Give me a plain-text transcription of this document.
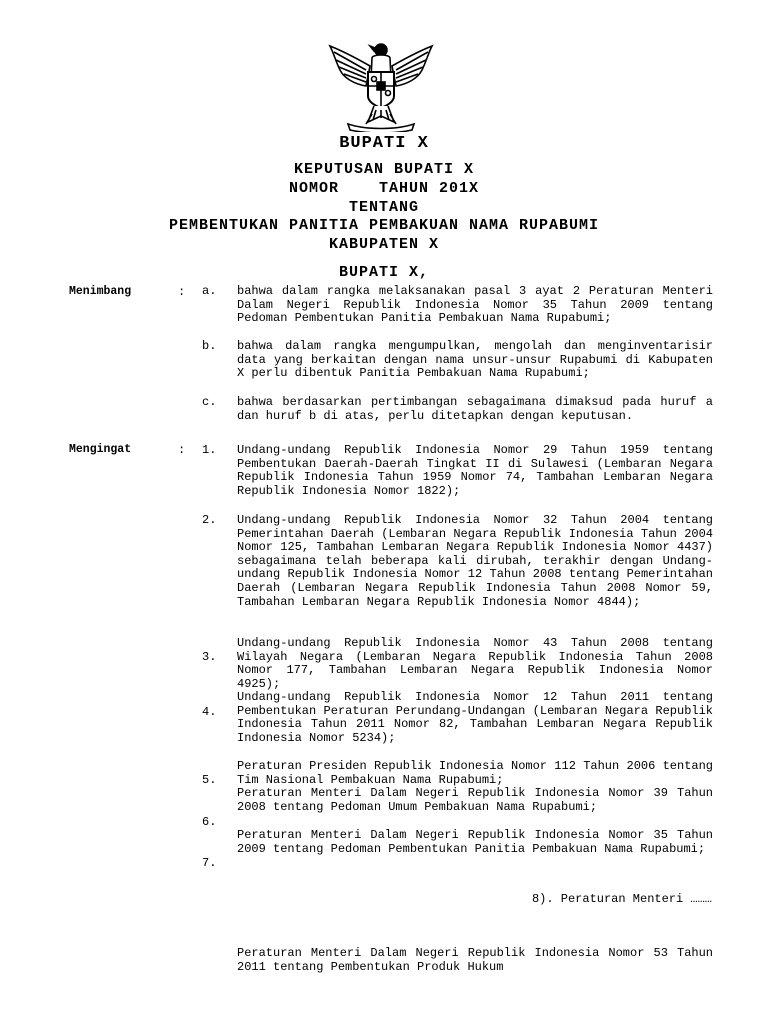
BUPATI X
KEPUTUSAN BUPATI X
NOMOR    TAHUN 201X
TENTANG
PEMBENTUKAN PANITIA PEMBAKUAN NAMA RUPABUMI
KABUPATEN X
BUPATI X,
Menimbang	: a. bahwa dalam rangka melaksanakan pasal 3 ayat 2 Peraturan Menteri Dalam Negeri Republik Indonesia Nomor 35 Tahun 2009 tentang Pedoman Pembentukan Panitia Pembakuan Nama Rupabumi;
b. bahwa dalam rangka mengumpulkan, mengolah dan menginventarisir data yang berkaitan dengan nama unsur-unsur Rupabumi di Kabupaten X perlu dibentuk Panitia Pembakuan Nama Rupabumi;
c. bahwa berdasarkan pertimbangan sebagaimana dimaksud pada huruf a dan huruf b di atas, perlu ditetapkan dengan keputusan.
Mengingat	: 1. Undang-undang Republik Indonesia Nomor 29 Tahun 1959 tentang Pembentukan Daerah-Daerah Tingkat II di Sulawesi (Lembaran Negara Republik Indonesia Tahun 1959 Nomor 74, Tambahan Lembaran Negara Republik Indonesia Nomor 1822);
2. Undang-undang Republik Indonesia Nomor 32 Tahun 2004 tentang Pemerintahan Daerah (Lembaran Negara Republik Indonesia Tahun 2004 Nomor 125, Tambahan Lembaran Negara Republik Indonesia Nomor 4437) sebagaimana telah beberapa kali dirubah, terakhir dengan Undang-undang Republik Indonesia Nomor 12 Tahun 2008 tentang Pemerintahan Daerah (Lembaran Negara Republik Indonesia Tahun 2008 Nomor 59, Tambahan Lembaran Negara Republik Indonesia Nomor 4844);
3.
Undang-undang Republik Indonesia Nomor 43 Tahun 2008 tentang Wilayah Negara (Lembaran Negara Republik Indonesia Tahun 2008 Nomor 177, Tambahan Lembaran Negara Republik Indonesia Nomor 4925);
4.
Undang-undang Republik Indonesia Nomor 12 Tahun 2011 tentang Pembentukan Peraturan Perundang-Undangan (Lembaran Negara Republik Indonesia Tahun 2011 Nomor 82, Tambahan Lembaran Negara Republik Indonesia Nomor 5234);
5.
Peraturan Presiden Republik Indonesia Nomor 112 Tahun 2006 tentang Tim Nasional Pembakuan Nama Rupabumi;
6.
Peraturan Menteri Dalam Negeri Republik Indonesia Nomor 39 Tahun 2008 tentang Pedoman Umum Pembakuan Nama Rupabumi;
7.
Peraturan Menteri Dalam Negeri Republik Indonesia Nomor 35 Tahun 2009 tentang Pedoman Pembentukan Panitia Pembakuan Nama Rupabumi;
8). Peraturan Menteri ………
Peraturan Menteri Dalam Negeri Republik Indonesia Nomor 53 Tahun 2011 tentang Pembentukan Produk Hukum
